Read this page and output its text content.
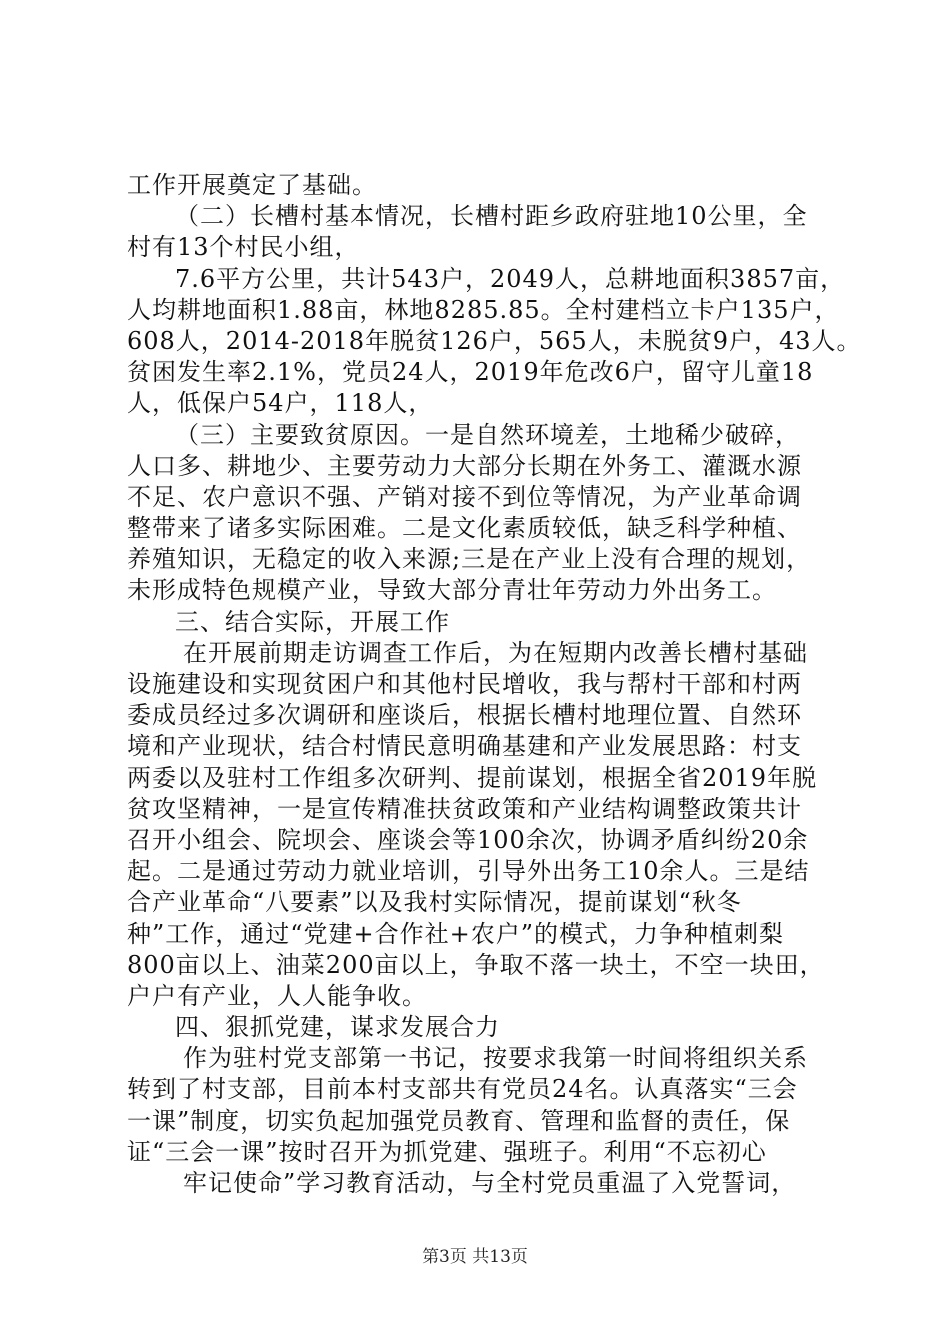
工作开展奠定了基础。
（二）长槽村基本情况，长槽村距乡政府驻地10公里，全
村有13个村民小组，
7.6平方公里，共计543户，2049人，总耕地面积3857亩，
人均耕地面积1.88亩，林地8285.85。全村建档立卡户135户，
608人，2014-2018年脱贫126户，565人，未脱贫9户，43人。
贫困发生率2.1%，党员24人，2019年危改6户，留守儿童18
人，低保户54户，118人，
（三）主要致贫原因。一是自然环境差，土地稀少破碎，
人口多、耕地少、主要劳动力大部分长期在外务工、灌溉水源
不足、农户意识不强、产销对接不到位等情况，为产业革命调
整带来了诸多实际困难。二是文化素质较低，缺乏科学种植、
养殖知识，无稳定的收入来源;三是在产业上没有合理的规划，
未形成特色规模产业，导致大部分青壮年劳动力外出务工。
三、结合实际，开展工作
在开展前期走访调查工作后，为在短期内改善长槽村基础
设施建设和实现贫困户和其他村民增收，我与帮村干部和村两
委成员经过多次调研和座谈后，根据长槽村地理位置、自然环
境和产业现状，结合村情民意明确基建和产业发展思路：村支
两委以及驻村工作组多次研判、提前谋划，根据全省2019年脱
贫攻坚精神，一是宣传精准扶贫政策和产业结构调整政策共计
召开小组会、院坝会、座谈会等100余次，协调矛盾纠纷20余
起。二是通过劳动力就业培训，引导外出务工10余人。三是结
合产业革命“八要素”以及我村实际情况，提前谋划“秋冬
种”工作，通过“党建+合作社+农户”的模式，力争种植刺梨
800亩以上、油菜200亩以上，争取不落一块土，不空一块田，
户户有产业，人人能争收。
四、狠抓党建，谋求发展合力
作为驻村党支部第一书记，按要求我第一时间将组织关系
转到了村支部，目前本村支部共有党员24名。认真落实“三会
一课”制度，切实负起加强党员教育、管理和监督的责任，保
证“三会一课”按时召开为抓党建、强班子。利用“不忘初心
牢记使命”学习教育活动，与全村党员重温了入党誓词，
第3页 共13页
